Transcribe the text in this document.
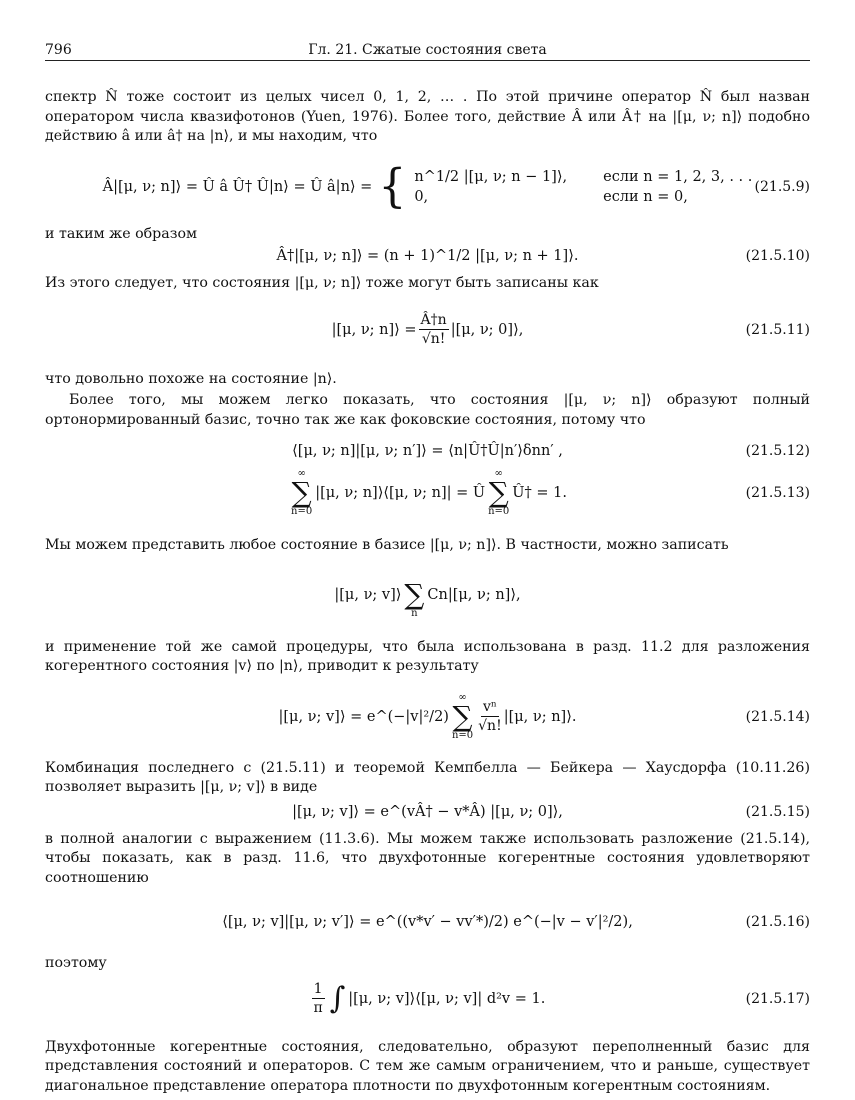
796	Гл. 21. Сжатые состояния света

спектр N̂ тоже состоит из целых чисел 0, 1, 2, … . По этой причине оператор N̂ был назван оператором числа квазифотонов (Yuen, 1976). Более того, действие Â или Â† на |[μ, ν; n]⟩ подобно действию â или â† на |n⟩, и мы находим, что

Â|[μ, ν; n]⟩ = Û â Û† Û|n⟩ = Û â|n⟩ = { n^1/2 |[μ, ν; n − 1]⟩,	если n = 1, 2, 3, . . .
0,	если n = 0,
(21.5.9)

и таким же образом

Â†|[μ, ν; n]⟩ = (n + 1)^1/2 |[μ, ν; n + 1]⟩.	(21.5.10)

Из этого следует, что состояния |[μ, ν; n]⟩ тоже могут быть записаны как

|[μ, ν; n]⟩ = $\frac{Â\dagger n}{√n!} |[\mu$, ν; 0]⟩,	(21.5.11)

что довольно похоже на состояние |n⟩.

Более того, мы можем легко показать, что состояния |[μ, ν; n]⟩ образуют полный ортонормированный базис, точно так же как фоковские состояния, потому что

⟨[μ, ν; n]|[μ, ν; n′]⟩ = ⟨n|Û†Û|n′⟩δnn′ ,	(21.5.12)
∞
∑
n=0
|[μ, ν; n]⟩⟨[μ, ν; n]| = Û
∞
∑
n=0
Û† = 1.	(21.5.13)

Мы можем представить любое состояние в базисе |[μ, ν; n]⟩. В частности, можно записать

|[μ, ν; v]⟩
∑
n
Cn|[μ, ν; n]⟩,

и применение той же самой процедуры, что была использована в разд. 11.2 для разложения когерентного состояния |v⟩ по |n⟩, приводит к результату

|[μ, ν; v]⟩ = e^(−|v|²/2)
∞
∑
n=0
$\frac{\text{vⁿ}}{√n!} |[\mu$, ν; n]⟩.	(21.5.14)

Комбинация последнего с (21.5.11) и теоремой Кемпбелла — Бейкера — Хаусдорфа (10.11.26) позволяет выразить |[μ, ν; v]⟩ в виде

|[μ, ν; v]⟩ = e^(vÂ† − v*Â) |[μ, ν; 0]⟩,	(21.5.15)

в полной аналогии с выражением (11.3.6). Мы можем также использовать разложение (21.5.14), чтобы показать, как в разд. 11.6, что двухфотонные когерентные состояния удовлетворяют соотношению

⟨[μ, ν; v]|[μ, ν; v′]⟩ = e^((v*v′ − vv′*)/2) e^(−|v − v′|²/2),	(21.5.16)

поэтому

$\frac{1}{\pi}$ ∫ |[μ, ν; v]⟩⟨[μ, ν; v]| d²v = 1.	(21.5.17)

Двухфотонные когерентные состояния, следовательно, образуют переполненный базис для представления состояний и операторов. С тем же самым ограничением, что и раньше, существует диагональное представление оператора плотности по двухфотонным когерентным состояниям.
